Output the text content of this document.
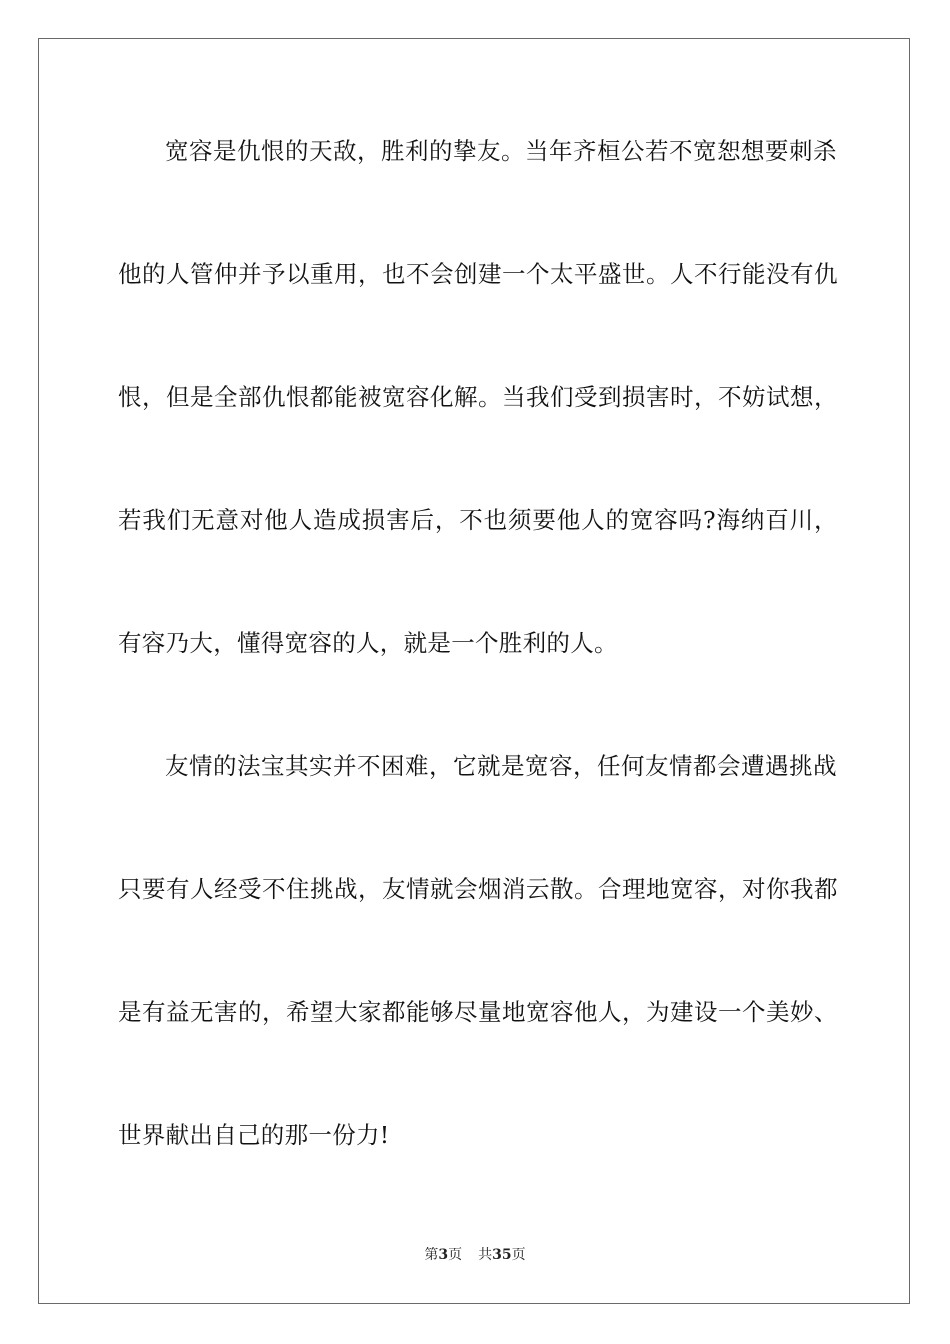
宽 容 是 仇 恨 的 天 敌 ， 胜 利 的 挚 友 。 当 年 齐 桓 公 若 不 宽 恕 想 要 刺 杀
他 的 人 管 仲 并 予 以 重 用 ， 也 不 会 创 建 一 个 太 平 盛 世 。 人 不 行 能 没 有 仇
恨 ， 但 是 全 部 仇 恨 都 能 被 宽 容 化 解 。 当 我 们 受 到 损 害 时 ， 不 妨 试 想 ，
若 我 们 无 意 对 他 人 造 成 损 害 后 ， 不 也 须 要 他 人 的 宽 容 吗 ? 海 纳 百 川 ，
有容乃大，懂得宽容的人，就是一个胜利的人。
友 情 的 法 宝 其 实 并 不 困 难 ， 它 就 是 宽 容 ， 任 何 友 情 都 会 遭 遇 挑 战
只 要 有 人 经 受 不 住 挑 战 ， 友 情 就 会 烟 消 云 散 。 合 理 地 宽 容 ， 对 你 我 都
是 有 益 无 害 的 ， 希 望 大 家 都 能 够 尽 量 地 宽 容 他 人 ， 为 建 设 一 个 美 妙 、
世界献出自己的那一份力!
第3页 共35页
